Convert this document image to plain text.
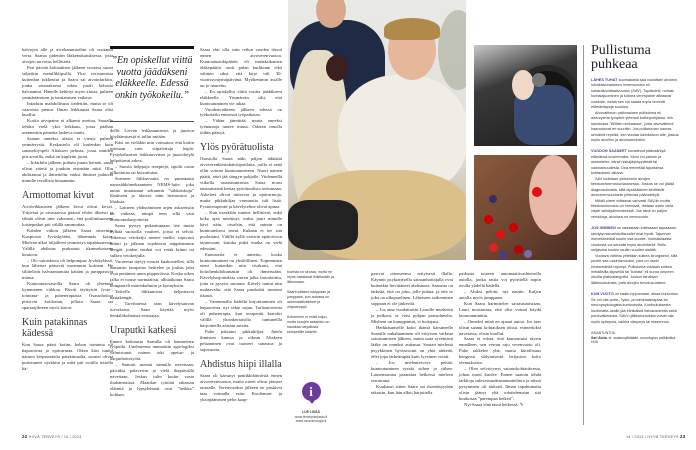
”En opiskellut viittä vuotta jäädäkseni eläkkeelle. Edessä onkin työkokeilu.”

kalvojen alle ja aivokammioihin oli vuotanut verta. Saaraa pidettiin lääkenukutuksessa, jotta aivojen turvotus hellittäisi.

Pari päivää kohtauksen jälkeen vuotava suoni suljettiin metalliklipsillä. Yksi verisuonista kuitenkin tukkeutui ja Saara sai aivoinfarktin, jonka seurauksena oikea puoli kehosta halvaantui. Hänelle kehittyi myös afasia, puheen ymmärtämisen ja tuottamisen vaikeus.

Infarktin mahdollisuus tiedettiin, mutta se oli vaaroista pienin. Ilman leikkausta Saara olisi kuollut.

Koska aivopaine ei alkanut asettua, Saaralle tehtiin vielä yksi leikkaus, jossa päähän asennettiin painetta laskeva suntti.

Saaran onneksi afasia ei vienyt puheen ymmärrystä. Keskustelu oli kuitenkin kuin sanaselityspeli Aliaksen pelusta, jossa muiden piti arvailla, mikä on kupletin juoni.

– Infarktin jälkeen puhuin puuta heinää, sanat olivat vääriä ja jouduin etsimään niitä. Olin ahdistunut ja ihmettelin, miksi ihmiset puhuvat minulle tavallista hitaammin.

Armottomat kivut

Aivoleikkausten jälkeen kivut olivat kovat. Yskiessä ja aivastaessa päässä vihloi ilkeästi ja silmät olivat niin valonarat, että potilashuoneen loisteputket piti välillä sammuttaa.

Kahden viikon jälkeen Saara siirrettiin Kuopiosta Jyväskylään, lähemmäs kotia. Mieleen alkoi hiljalleen ymmärrys tapahtuneesta. Välillä ahdistus purkautui itkunsekaiseen huutoon.

– Olo sairaalassa oli helpompaa Jyväskylässä, kun läheiset pääsivät useammin kokseni. He silittelivät halvaantunutta kättäni ja jumppasivat minua.

Kuntoutusosastolla Saara oli yhteensä kymmenen viikkoa. Päivät täyttyivät fysio-, toiminta- ja puheterapiasta. Osastohoitoa pirisivät kotilomat, jolloin Saara sai sparraajikseen myös koirat.

Kuin patakinnas kädessä

Kun Saara pääsi kotiin, kehon toiminta oli haparoivaa ja epävarmaa. Oikea käsi tuntui naruun kiepsutetulta patakintaalta, sormet olivat puristuneet nyrkkiin ja niitä piti availla toisella kä-

dellä. Leivän leikkaamisesta ja juuston höyläämisestä ei tullut mitään.

Käsi on vieläkin niin voimaton, että kotiin ostetaan vain viipaloituja leipiä. Pystykahvaiset leikkuuveitset ja juustohöylä helpottavat arkea.

– Suosin helppoja reseptejä, sipulit ostan pilkottuina tai kuivattuina.

Sormien liikkuvuutta on parantanut nanosähkömekaaninen NEMS-laite, joka antaa muutaman sekunnin ”sähköiskuja” lihakseen ja aktivoi näin hermostoa ja lihaksia.

– Laitteen yhdistäminen arjen askareisiin on vaikeaa, niinpä teen sillä vain kuntoutusharjoitteita.

Saara pystyy pukeutumaan itse mutta hylkää suosiolla vaatteet, joista ei selviä. Takeissa vetoketju menee melko sujuvasti kiinni ja jalkaan sujahtavat näppärimmin kengät, joiden nauhat voi vetää kiinni tai sulkea vetoketjulla.

Vuoteesta täytyy nousta kuakostellen, sillä aamuisin tasapaino heittelee ja joskus jalat ovat pettäneet unen pöpperöissä. Koska oikea jalka ei nouse normaalisti, alkuaikoina Saara kompasteli matonkulmiin ja kynnyksiin.

Talvella liikkumista helpottavat nastakengät.

– Tarvittaessa otan kävelysauvan turvakseni. Saan käyttää myös henkilökohtaista avustajaa.

Uraputki katkesi

Ennen kohtausta Saaralla oli kaumeinen työputki. Unelmiensa ammattiin agrologiksi valmistunut nainen teki opetus- ja karjanhoitotyötä.

– Saatoin mennä aamulla navettaan, päiväksi palaveriin ja vielä iltapäivällä navettaan. Joskus tulin kotiin vasta iltahämärissä. Maatilan tyttönä rakastan eläimiä ja lypsylehmät ovat ”heikko” kohtani.

Saara ehti olla vain reilun vuoden töissä ennen aivoverenvuotoa. Kuntoutustukipäätös eli määräaikainen eläkepäätös nosti palan kurkkuun eikä vähiten siksi, että kirje tuli 30-vuotissyntymäpäivänä. Myöhemmin asialle on jo naurettu.

– En opiskellut viittä vuotta jäädäkseni eläkkeelle. Ymmärrän silti, että kuntoutuminen vie aikaa.

Vuodenvaihteen jälkeen edessä on työkokeilu entisessä työpaikassa.

– Vähän jännittää, mutta onneksi työnantaja tuntee minut. Odotan innolla töihin pääsyä.

Ylös pyörätuolista

Osastolla Saara näki paljon iäkkäitä aivoverenkiertohäiriöpotilaita, joilla ei enää ollut voimia kuntoutumiseen. Nuori nainen päätti, ettei jää sängyn pohjalle. Viidennellä viikolla sairastumisesta Saara nousi ensimmäistä kertaa pyörätuolista seisomaan. Askeleet olivat tutisevia ja epävarmoja, mutta pikkuhiljaa varmuutta tuli lisää. Fysioterapeutti ja kävelyteline olivat apuna.

– Kun itsesäälin tunteet hellittivät, enkä koko ajan miettinyt, miksi juuri minulle kävi näin, oivalsin, että minun on kuntoutettava itseni. Kukaan ei tee sitä puolestani. Välillä kyllä vaivuin epätoivoon tajutessani, kuinka pitkä matka on vielä edessäni.

Ennusteita ei annettu, koska kuntoutuminen on yksilöllinen. Toipuminen eteni kuitenkin niin rivakasti, että hoitohenkilökuntakin oli ihmeissään. Kävelyharjoituksia varten jalka lastoitettiin, jotta se pysyisi suorana. Kävely tuntui niin mahtavalta, että Saara purskahti monesti itkuun.

– Vasemmalla kädellä kirjoittaminen oli haparoivaa, nyt sekin sujuu. Turhauttavinta oli puheterapia, kun terapeutti kartoitti välillä yksinkertaisilta tuntuneilla harjoitteilla afasian astetta.

Puhe palautui pikkuhiljaa. Jutelu ihmisten kanssa ja oikean Aliaksen pelaaminen ovat tuoneet sanastoa ja sujuvuutta.

Ahdistus hiipi illalla

Saara oli kärsinyt paniikkihäiriöstä ennen aivoverenvuotoa, mutta oireet olivat jääneet taustalle. Verenvuodon jälkeen ne puskivat taas voimalla esiin. Kuoleman- ja yksinjäämisen pelot kaap-

pasivat otteeseensa erityisesti illalla. Käynnit psykiatrisella sairaanhoitajalla ovat kuitenkin lievittäneet ahdistusta. Saarasta on tärkeää, että on joku, jolle puhua, ja että se joku on ulkopuolinen. Läheisten sotkeminen soppaan ei ole järkevää.

– Jos aina vuodattaisin Laurille murheeni ja pelkoni, se veisi pohjan parisuhteelta. Mieheni on kumppanini, ei hoitajani.

Herkkäuniselle koko ikänsä kärsineelle Saaralle nukahtaminen oli erityisen vaikeaa sairastumisen jälkeen, mutta unta syventävä lääke on onneksi auttanut. Saaran mielestä psyykkinen hyvinvointi on yhtä tärkeää, ellei jopa tärkeämpää kuin fyysinen vointi.

– Jos mielenterveys pettää, kuntoutuminen tyssää siihen ja siihen. Lausemuruna paranttaa hetkessä mieleen serratrana.

Kuukausi sitten Saara sai itsenäisyytään takaisin, kun hän alkoi harjoitella

paikasta toiseen automaattivaihteisella autolla, jonka rattia voi pyöritellä nupin avulla yhdellä kädellä.

– Aluksi pelotti, nyt nautin. Kuljen autolla myös jumppaan.

Kun Saara harmittelee sairastumistaan, Lauri muistuttaa, että olisi voinut käydä huonomminkin.

– Onneksi minä en ajanut autoa. Jos taas olisin saanut kohtauksen töissä, esimerkiksi navetassa, olisin kuollut.

Saara ei odota, että kuntoutuisi täysin ennalleen, sen verran raju verenvuoto oli. Puhe takkelee yhä, mutta kiitollisuus hengissä säilymisestä heijastuu koko olemuksesta.

– Olen selviytynyt sairauskohtauksesta, johon moni kuolee. Ennen saatoin tehdä tarkkoja tulevaisuudensuunnitelmia ja niissä pysyminen oli tärkeää. Ilman tapahtunutta olisin jäänyt yhä odottelemaan sitä kuuluisaa ”parempaa hetkeä”.

Nyt Saara elää tässä hetkessä. ✎

Koirista on seuraa, mutta ne myös haastavat leikkimään ja liikkumaan.

Saara pääsee kauppaan ja jumppaan, kun autossa on automaattivaihteet ja ohjausnuppi.

Kutominen ei enää sujuu, mutta korujen askartelu on hauskaa harjoitusta kömpelölle kädelle.

i
LUE LISÄÄ
www.terveyskirjasto.fi
www.neurokirurgia.fi
Pullistuma puhkeaa

LÄHES TUHAT suomalaista saa vuosittain aivoihin lukinkalvonalaisen verenvuodon eli subaraknoidaalivuodon (SAV). Tupakointi, runsas humalajuominen ja korkea verenpaine altistavat vuodolle, mutta sen voi saada myös terveitä elämäntapoja suosiva.

Aivovaltimon pallomainen pullistuma eli aneurysma lymyilee yleensä kallonpohjassa, niin sanotussa ”Willisin renkaassa”, josta aivovaltimot haarautuvat eri suuntiin. Jos pullistuman hauras seinämä repeää, veri vuotaa lukinkalvon alle, joskus myös aivoihin ja aivokammioihin.

VUODON SAANEET kuvailevat päänsärkyä elämänsä kovimmaksi. Moni voi pahoin ja oksentelee, kärsii niskajäykkyydestä tai valonarkuudesta. Osa menettää tajuntansa kohtauksen alkana.

SAV todetaan yleisimmin aivojen tietokonekerroskuvauksessa. Joskus se voi jäädä diagnosoimatta, sillä kipulääkkeet lievittävät aivoverenvuodosta johtuvaa päänsärkyä.

Mikäli oireet viittaavat vahvasti SAV:iin mutta tietokonekuvaus on normaali, otetaan usein vielä näyte selkäydinnesteestä. Jos siinä on paljon verisoluja, aivoissa on verenvuoto.

JOS IHMINEN on sairaalaan tullessaan tajuissaan, selviytymismahdollisuudet ovat hyvät. Tajunnan menettäneistä suurin osa kuolee. Voimakkaasta vuodosta voi seurata myös aivoinfarkti. Reilu neljäsosa kuolee tautiin vuoden sisällä.

Vuotava valtimo yritetään sulkea kirurgisesti, sillä puolet saa uusintavuodon, joka on usein ensimmäistä rajumpi. Pullistuma voidaan sulkea metallisilla klipseillä tai ”koilata” eli kuroa umpeen ohuilla platinalangoilla. Joskus tarvitaan lääkenukutusta, jotta aivojen turvotus laskee.

KUN VUOTO on saatu loppumaan, alkaa kuntoutus. Se voi olla puhe-, fysio- ja toimintaterapiaa tai neuropsykologista kuntoutusta. Kuntoutuksesta huolimatta osalle jää elinikäisiä halvausoireita sekä puhevaikeuksia. SAV:n jälkiseurauksia voivat olla myös epilepsia, vaikea väsymys tai masennus.

ASIANTUNTIJA
Sari Atula, el. osastonylilääkäri, neurologian poliklinikka, HUS
22 HYVÄ TERVEYS / 14 / 2013	14 / 2013 / HYVÄ TERVEYS 23
